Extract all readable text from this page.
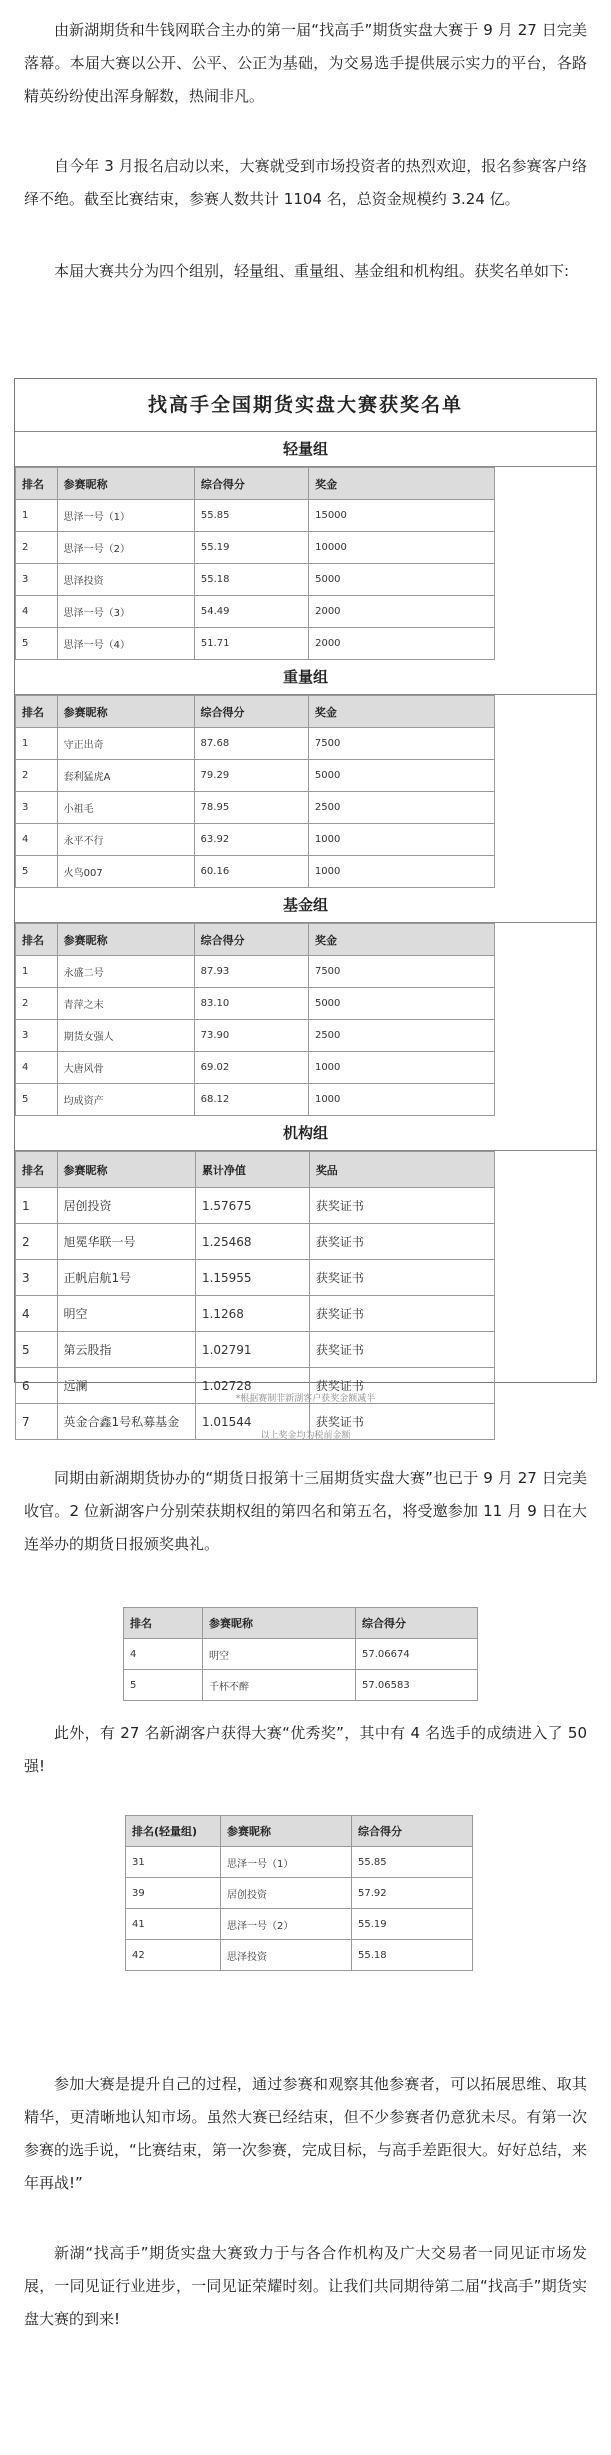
由新湖期货和牛钱网联合主办的第一届“找高手”期货实盘大赛于 9 月 27 日完美落幕。本届大赛以公开、公平、公正为基础，为交易选手提供展示实力的平台，各路精英纷纷使出浑身解数，热闹非凡。

自今年 3 月报名启动以来，大赛就受到市场投资者的热烈欢迎，报名参赛客户络绎不绝。截至比赛结束，参赛人数共计 1104 名，总资金规模约 3.24 亿。

本届大赛共分为四个组别，轻量组、重量组、基金组和机构组。获奖名单如下:

找高手全国期货实盘大赛获奖名单
轻量组
排名	参赛昵称	综合得分	奖金
1	思泽一号（1）	55.85	15000
2	思泽一号（2）	55.19	10000
3	思泽投资	55.18	5000
4	思泽一号（3）	54.49	2000
5	思泽一号（4）	51.71	2000
重量组
排名	参赛昵称	综合得分	奖金
1	守正出奇	87.68	7500
2	套利猛虎A	79.29	5000
3	小祖毛	78.95	2500
4	永平不行	63.92	1000
5	火鸟007	60.16	1000
基金组
排名	参赛昵称	综合得分	奖金
1	永盛二号	87.93	7500
2	青萍之末	83.10	5000
3	期货女强人	73.90	2500
4	大唐风骨	69.02	1000
5	均成资产	68.12	1000
机构组
排名	参赛昵称	累计净值	奖品
1	居创投资	1.57675	获奖证书
2	旭冕华联一号	1.25468	获奖证书
3	正帆启航1号	1.15955	获奖证书
4	明空	1.1268	获奖证书
5	第云股指	1.02791	获奖证书
6	远澜	1.02728	获奖证书
7	英金合鑫1号私募基金	1.01544	获奖证书
*根据赛制非新湖客户获奖金额减半
以上奖金均为税前金额

同期由新湖期货协办的“期货日报第十三届期货实盘大赛”也已于 9 月 27 日完美收官。2 位新湖客户分别荣获期权组的第四名和第五名，将受邀参加 11 月 9 日在大连举办的期货日报颁奖典礼。

排名	参赛昵称	综合得分
4	明空	57.06674
5	千杯不醉	57.06583

此外，有 27 名新湖客户获得大赛“优秀奖”，其中有 4 名选手的成绩进入了 50 强!

排名(轻量组)	参赛昵称	综合得分
31	思泽一号（1）	55.85
39	居创投资	57.92
41	思泽一号（2）	55.19
42	思泽投资	55.18

参加大赛是提升自己的过程，通过参赛和观察其他参赛者，可以拓展思维、取其精华，更清晰地认知市场。虽然大赛已经结束，但不少参赛者仍意犹未尽。有第一次参赛的选手说，“比赛结束，第一次参赛，完成目标，与高手差距很大。好好总结，来年再战!”

新湖“找高手”期货实盘大赛致力于与各合作机构及广大交易者一同见证市场发展，一同见证行业进步，一同见证荣耀时刻。让我们共同期待第二届“找高手”期货实盘大赛的到来!
